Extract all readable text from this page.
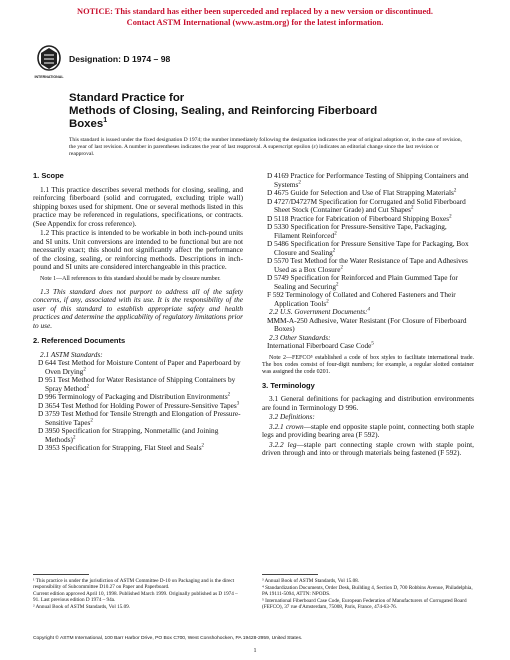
NOTICE: This standard has either been superceded and replaced by a new version or discontinued.
Contact ASTM International (www.astm.org) for the latest information.
INTERNATIONAL
Designation: D 1974 – 98
Standard Practice for
Methods of Closing, Sealing, and Reinforcing Fiberboard
Boxes$^1$
This standard is issued under the fixed designation D 1974; the number immediately following the designation indicates the year of original adoption or, in the case of revision, the year of last revision. A number in parentheses indicates the year of last reapproval. A superscript epsilon (ε) indicates an editorial change since the last revision or reapproval.
1. Scope

1.1 This practice describes several methods for closing, sealing, and reinforcing fiberboard (solid and corrugated, excluding triple wall) shipping boxes used for shipment. One or several methods listed in this practice may be referenced in regulations, specifications, or contracts. (See Appendix for cross reference).

1.2 This practice is intended to be workable in both inch-pound units and SI units. Unit conversions are intended to be functional but are not necessarily exact; this should not significantly affect the performance of the closing, sealing, or reinforcing methods. Descriptions in inch-pound and SI units are considered interchangeable in this practice.

Note 1—All references to this standard should be made by closure number.

1.3 This standard does not purport to address all of the safety concerns, if any, associated with its use. It is the responsibility of the user of this standard to establish appropriate safety and health practices and determine the applicability of regulatory limitations prior to use.

2. Referenced Documents

2.1 ASTM Standards:

D 644 Test Method for Moisture Content of Paper and Paperboard by Oven Drying$^2$

D 951 Test Method for Water Resistance of Shipping Containers by Spray Method$^2$

D 996 Terminology of Packaging and Distribution Environments$^2$

D 3654 Test Method for Holding Power of Pressure-Sensitive Tapes$^3$

D 3759 Test Method for Tensile Strength and Elongation of Pressure-Sensitive Tapes$^2$

D 3950 Specification for Strapping, Nonmetallic (and Joining Methods)$^2$

D 3953 Specification for Strapping, Flat Steel and Seals$^2$

D 4169 Practice for Performance Testing of Shipping Containers and Systems$^2$

D 4675 Guide for Selection and Use of Flat Strapping Materials$^2$

D 4727/D4727M Specification for Corrugated and Solid Fiberboard Sheet Stock (Container Grade) and Cut Shapes$^2$

D 5118 Practice for Fabrication of Fiberboard Shipping Boxes$^2$

D 5330 Specification for Pressure-Sensitive Tape, Packaging, Filament Reinforced$^2$

D 5486 Specification for Pressure Sensitive Tape for Packaging, Box Closure and Sealing$^2$

D 5570 Test Method for the Water Resistance of Tape and Adhesives Used as a Box Closure$^2$

D 5749 Specification for Reinforced and Plain Gummed Tape for Sealing and Securing$^2$

F 592 Terminology of Collated and Cohered Fasteners and Their Application Tools$^2$

2.2 U.S. Government Documents:$^4$

MMM-A-250 Adhesive, Water Resistant (For Closure of Fiberboard Boxes)

2.3 Other Standards:

International Fiberboard Case Code$^5$

Note 2—FEFCO⁵ established a code of box styles to facilitate international trade. The box codes consist of four-digit numbers; for example, a regular slotted container was assigned the code 0201.

3. Terminology

3.1 General definitions for packaging and distribution environments are found in Terminology D 996.

3.2 Definitions:

3.2.1 crown—staple end opposite staple point, connecting both staple legs and providing bearing area (F 592).

3.2.2 leg—staple part connecting staple crown with staple point, driven through and into or through materials being fastened (F 592).

¹ This practice is under the jurisdiction of ASTM Committee D-10 on Packaging and is the direct responsibility of Subcommittee D10.27 on Paper and Paperboard.

Current edition approved April 10, 1998. Published March 1999. Originally published as D 1974 – 91. Last previous edition D 1974 – 94a.

² Annual Book of ASTM Standards, Vol 15.09.

³ Annual Book of ASTM Standards, Vol 15.08.

⁴ Standardization Documents, Order Desk, Building 4, Section D, 700 Robbins Avenue, Philadelphia, PA 19111-5094, ATTN: NPODS.

⁵ International Fiberboard Case Code, European Federation of Manufacturers of Corrugated Board (FEFCO), 37 rue d'Amsterdam, 75008, Paris, France, 474-63-76.

Copyright © ASTM International, 100 Barr Harbor Drive, PO Box C700, West Conshohocken, PA 19428-2959, United States.
1
